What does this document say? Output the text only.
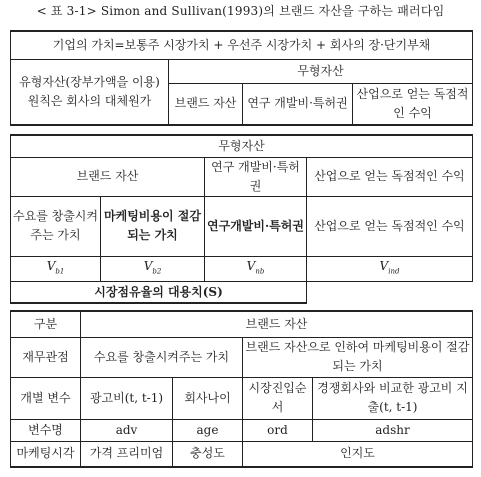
< 표 3-1> Simon and Sullivan(1993)의 브랜드 자산을 구하는 패러다임
기업의 가치=보통주 시장가치 + 우선주 시장가치 + 회사의 장·단기부채			
유형자산(장부가액을 이용) 원칙은 회사의 대체원가	무형자산		
	브랜드 자산	연구 개발비·특허권	산업으로 얻는 독점적인 수익
무형자산			
브랜드 자산		연구 개발비·특허권	산업으로 얻는 독점적인 수익
수요를 창출시켜주는 가치	마케팅비용이 절감되는 가치	연구개발비·특허권	산업으로 얻는 독점적인 수익
$V_{b1}$	$V_{b2}$	$V_{nb}$	$V_{ind}$
시장점유율의 대용치(S)			
구분	브랜드 자산			
재무관점	수요를 창출시켜주는 가치		브랜드 자산으로 인하여 마케팅비용이 절감되는 가치	
개별 변수	광고비(t, t-1)	회사나이	시장진입순서	경쟁회사와 비교한 광고비 지출(t, t-1)
변수명	adv	age	ord	adshr
마케팅시각	가격 프리미엄	충성도	인지도	
